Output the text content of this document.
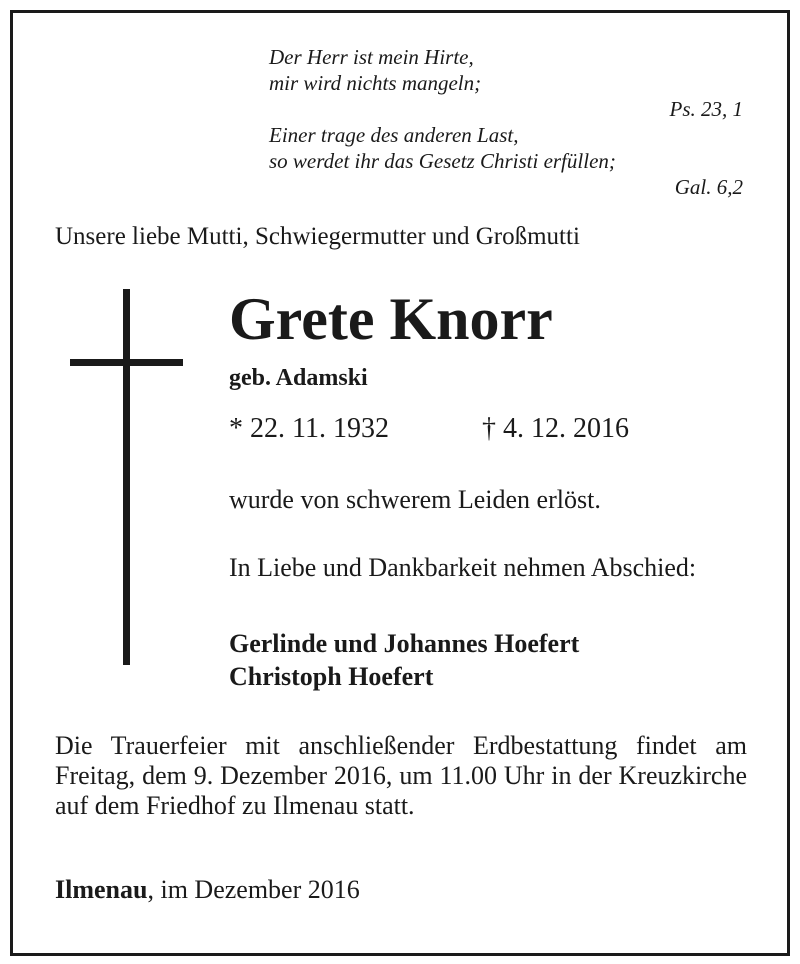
Der Herr ist mein Hirte,
mir wird nichts mangeln;
Ps. 23, 1
Einer trage des anderen Last,
so werdet ihr das Gesetz Christi erfüllen;
Gal. 6,2
Unsere liebe Mutti, Schwiegermutter und Großmutti
Grete Knorr
geb. Adamski
* 22. 11. 1932	† 4. 12. 2016
wurde von schwerem Leiden erlöst.
In Liebe und Dankbarkeit nehmen Abschied:
Gerlinde und Johannes Hoefert
Christoph Hoefert
Die Trauerfeier mit anschließender Erdbestattung findet am Freitag, dem 9. Dezember 2016, um 11.00 Uhr in der Kreuzkirche auf dem Friedhof zu Ilmenau statt.
Ilmenau, im Dezember 2016
